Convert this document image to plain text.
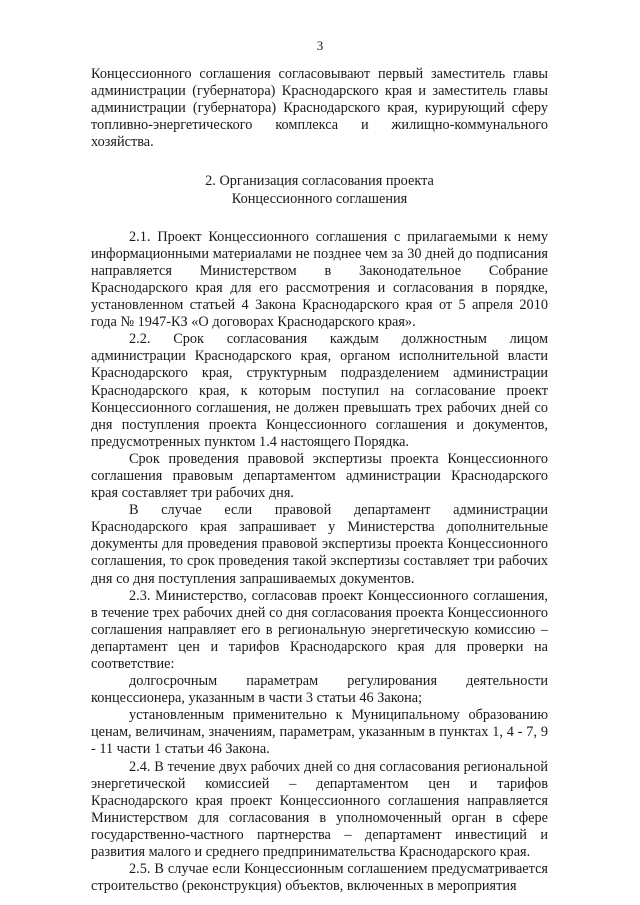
3

Концессионного соглашения согласовывают первый заместитель главы администрации (губернатора) Краснодарского края и заместитель главы администрации (губернатора) Краснодарского края, курирующий сферу топливно-энергетического комплекса и жилищно-коммунального хозяйства.

2. Организация согласования проекта
Концессионного соглашения

2.1. Проект Концессионного соглашения с прилагаемыми к нему информационными материалами не позднее чем за 30 дней до подписания направляется Министерством в Законодательное Собрание Краснодарского края для его рассмотрения и согласования в порядке, установленном статьей 4 Закона Краснодарского края от 5 апреля 2010 года № 1947-КЗ «О договорах Краснодарского края».

2.2. Срок согласования каждым должностным лицом администрации Краснодарского края, органом исполнительной власти Краснодарского края, структурным подразделением администрации Краснодарского края, к которым поступил на согласование проект Концессионного соглашения, не должен превышать трех рабочих дней со дня поступления проекта Концессионного соглашения и документов, предусмотренных пунктом 1.4 настоящего Порядка.

Срок проведения правовой экспертизы проекта Концессионного соглашения правовым департаментом администрации Краснодарского края составляет три рабочих дня.

В случае если правовой департамент администрации Краснодарского края запрашивает у Министерства дополнительные документы для проведения правовой экспертизы проекта Концессионного соглашения, то срок проведения такой экспертизы составляет три рабочих дня со дня поступления запрашиваемых документов.

2.3. Министерство, согласовав проект Концессионного соглашения, в течение трех рабочих дней со дня согласования проекта Концессионного соглашения направляет его в региональную энергетическую комиссию – департамент цен и тарифов Краснодарского края для проверки на соответствие:

долгосрочным параметрам регулирования деятельности концессионера, указанным в части 3 статьи 46 Закона;

установленным применительно к Муниципальному образованию ценам, величинам, значениям, параметрам, указанным в пунктах 1, 4 - 7, 9 - 11 части 1 статьи 46 Закона.

2.4. В течение двух рабочих дней со дня согласования региональной энергетической комиссией – департаментом цен и тарифов Краснодарского края проект Концессионного соглашения направляется Министерством для согласования в уполномоченный орган в сфере государственно-частного партнерства – департамент инвестиций и развития малого и среднего предпринимательства Краснодарского края.

2.5. В случае если Концессионным соглашением предусматривается строительство (реконструкция) объектов, включенных в мероприятия
